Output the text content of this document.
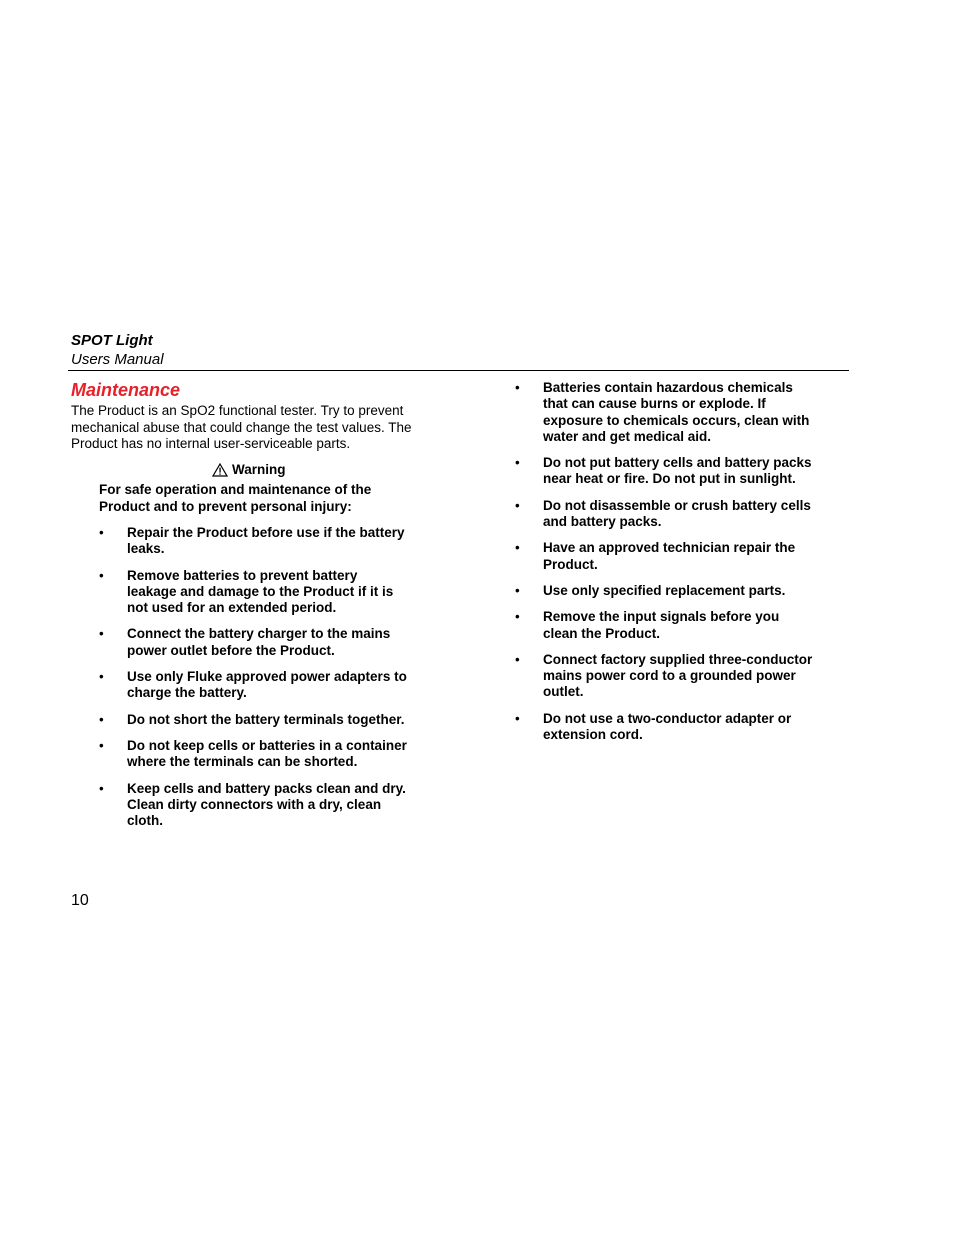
SPOT Light
Users Manual
Maintenance

The Product is an SpO2 functional tester. Try to prevent mechanical abuse that could change the test values. The Product has no internal user-serviceable parts.

Warning

For safe operation and maintenance of the Product and to prevent personal injury:

• Repair the Product before use if the battery leaks.
• Remove batteries to prevent battery leakage and damage to the Product if it is not used for an extended period.
• Connect the battery charger to the mains power outlet before the Product.
• Use only Fluke approved power adapters to charge the battery.
• Do not short the battery terminals together.
• Do not keep cells or batteries in a container where the terminals can be shorted.
• Keep cells and battery packs clean and dry. Clean dirty connectors with a dry, clean cloth.
• Batteries contain hazardous chemicals that can cause burns or explode. If exposure to chemicals occurs, clean with water and get medical aid.
• Do not put battery cells and battery packs near heat or fire. Do not put in sunlight.
• Do not disassemble or crush battery cells and battery packs.
• Have an approved technician repair the Product.
• Use only specified replacement parts.
• Remove the input signals before you clean the Product.
• Connect factory supplied three-conductor mains power cord to a grounded power outlet.
• Do not use a two-conductor adapter or extension cord.
10
